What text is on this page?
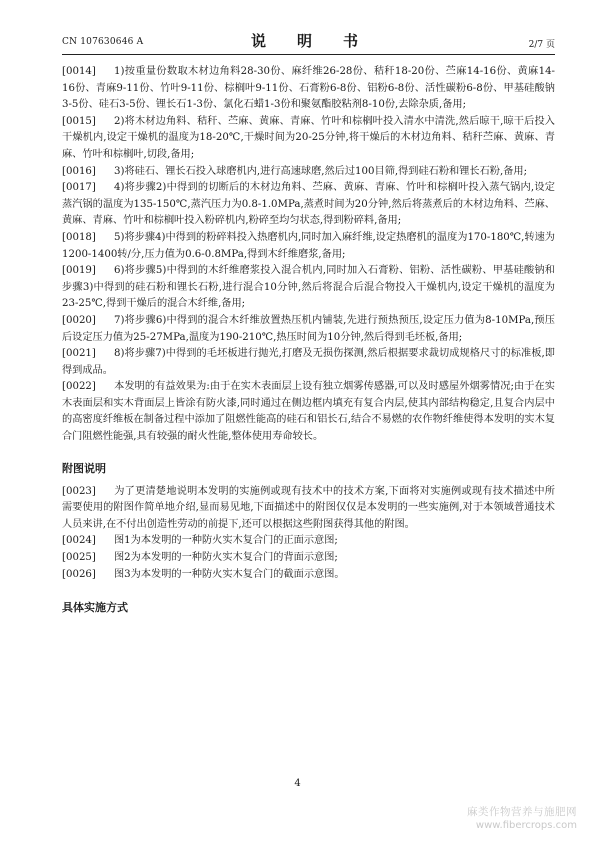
CN 107630646 A	说　明　书	2/7 页

[0014] 1)按重量份数取木材边角料28-30份、麻纤维26-28份、秸秆18-20份、苎麻14-16份、黄麻14-16份、青麻9-11份、竹叶9-11份、棕榈叶9-11份、石膏粉6-8份、铝粉6-8份、活性碳粉6-8份、甲基硅酸钠3-5份、硅石3-5份、锂长石1-3份、氯化石蜡1-3份和聚氨酯胶粘剂8-10份,去除杂质,备用;

[0015] 2)将木材边角料、秸秆、苎麻、黄麻、青麻、竹叶和棕榈叶投入清水中清洗,然后晾干,晾干后投入干燥机内,设定干燥机的温度为18-20℃,干燥时间为20-25分钟,将干燥后的木材边角料、秸秆苎麻、黄麻、青麻、竹叶和棕榈叶,切段,备用;

[0016] 3)将硅石、锂长石投入球磨机内,进行高速球磨,然后过100目筛,得到硅石粉和锂长石粉,备用;

[0017] 4)将步骤2)中得到的切断后的木材边角料、苎麻、黄麻、青麻、竹叶和棕榈叶投入蒸气锅内,设定蒸汽锅的温度为135-150℃,蒸汽压力为0.8-1.0MPa,蒸煮时间为20分钟,然后将蒸煮后的木材边角料、苎麻、黄麻、青麻、竹叶和棕榈叶投入粉碎机内,粉碎至均匀状态,得到粉碎料,备用;

[0018] 5)将步骤4)中得到的粉碎料投入热磨机内,同时加入麻纤维,设定热磨机的温度为170-180℃,转速为1200-1400转/分,压力值为0.6-0.8MPa,得到木纤维磨浆,备用;

[0019] 6)将步骤5)中得到的木纤维磨浆投入混合机内,同时加入石膏粉、铝粉、活性碳粉、甲基硅酸钠和步骤3)中得到的硅石粉和锂长石粉,进行混合10分钟,然后将混合后混合物投入干燥机内,设定干燥机的温度为23-25℃,得到干燥后的混合木纤维,备用;

[0020] 7)将步骤6)中得到的混合木纤维放置热压机内铺装,先进行预热预压,设定压力值为8-10MPa,预压后设定压力值为25-27MPa,温度为190-210℃,热压时间为10分钟,然后得到毛坯板,备用;

[0021] 8)将步骤7)中得到的毛坯板进行抛光,打磨及无损伤探测,然后根据要求裁切成规格尺寸的标准板,即得到成品。

[0022] 本发明的有益效果为:由于在实木表面层上设有独立烟雾传感器,可以及时感屋外烟雾情况;由于在实木表面层和实木背面层上皆涂有防火漆,同时通过在侧边框内填充有复合内层,使其内部结构稳定,且复合内层中的高密度纤维板在制备过程中添加了阻燃性能高的硅石和铝长石,结合不易燃的农作物纤维使得本发明的实木复合门阻燃性能强,具有较强的耐火性能,整体使用寿命较长。

附图说明

[0023] 为了更清楚地说明本发明的实施例或现有技术中的技术方案,下面将对实施例或现有技术描述中所需要使用的附图作简单地介绍,显而易见地,下面描述中的附图仅仅是本发明的一些实施例,对于本领域普通技术人员来讲,在不付出创造性劳动的前提下,还可以根据这些附图获得其他的附图。

[0024] 图1为本发明的一种防火实木复合门的正面示意图;

[0025] 图2为本发明的一种防火实木复合门的背面示意图;

[0026] 图3为本发明的一种防火实木复合门的截面示意图。

具体实施方式
4
麻类作物营养与施肥网
www.fibercrops.com
